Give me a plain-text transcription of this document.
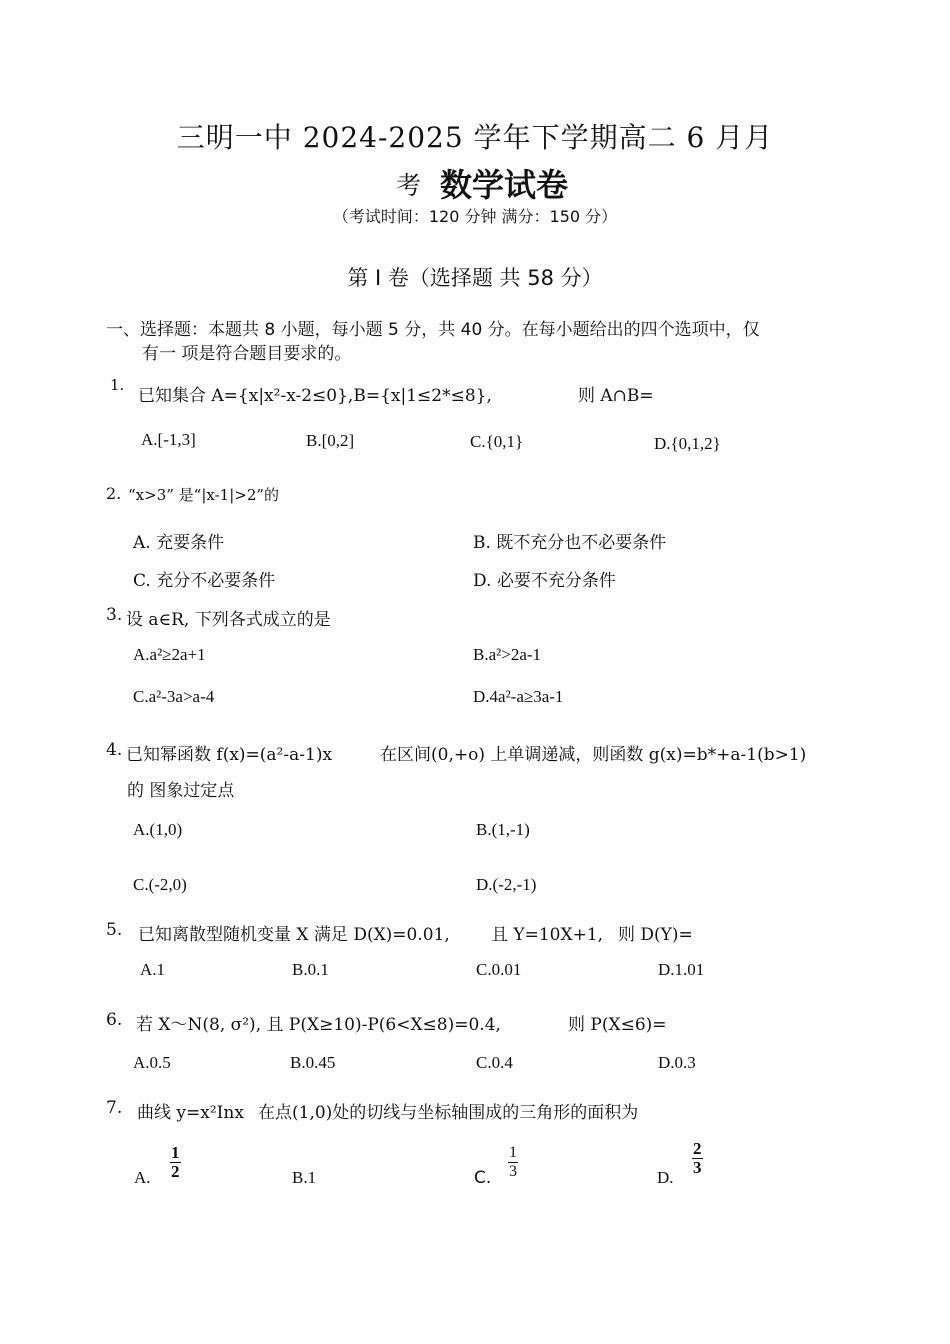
三明一中 2024-2025 学年下学期高二 6 月月
考 数学试卷
（考试时间：120 分钟 满分：150 分）
第 I 卷（选择题 共 58 分）
一、选择题：本题共 8 小题，每小题 5 分，共 40 分。在每小题给出的四个选项中，仅
有一 项是符合题目要求的。
1.
已知集合 A={x|x²-x-2≤0},B={x|1≤2*≤8},	则 A∩B=
A.[-1,3]	B.[0,2]	C.{0,1}	D.{0,1,2}
2. “x>3” 是“|x-1|>2”的
A. 充要条件	B. 既不充分也不必要条件
C. 充分不必要条件	D. 必要不充分条件
3. 设 a∈R, 下列各式成立的是
A.a²≥2a+1	B.a²>2a-1
C.a²-3a>a-4	D.4a²-a≥3a-1
4. 已知幂函数 f(x)=(a²-a-1)x	在区间(0,+o) 上单调递减，则函数 g(x)=b*+a-1(b>1)
的 图象过定点
A.(1,0)	B.(1,-1)
C.(-2,0)	D.(-2,-1)
5. 已知离散型随机变量 X 满足 D(X)=0.01, 且 Y=10X+1, 则 D(Y)=
A.1	B.0.1	C.0.01	D.1.01
6. 若 X～N(8, σ²), 且 P(X≥10)-P(6<X≤8)=0.4,	则 P(X≤6)=
A.0.5	B.0.45	C.0.4	D.0.3
7. 曲线 y=x²Inx 在点(1,0)处的切线与坐标轴围成的三角形的面积为
A. $\frac{1}{2}$	B.1	C. $\frac{1}{3}$	D.
$\frac{2}{3}$
